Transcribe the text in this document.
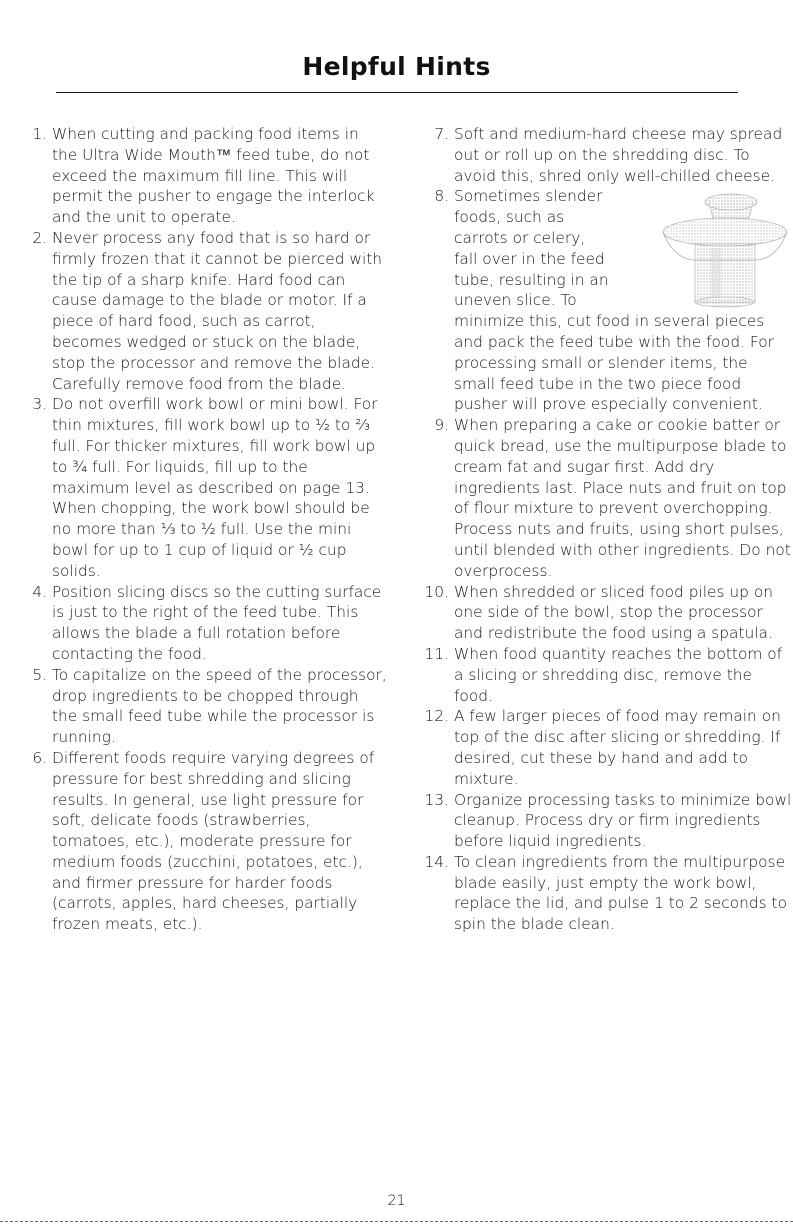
Helpful Hints
1. When cutting and packing food items in the Ultra Wide Mouth™ feed tube, do not exceed the maximum fill line. This will permit the pusher to engage the interlock and the unit to operate.
2. Never process any food that is so hard or firmly frozen that it cannot be pierced with the tip of a sharp knife. Hard food can cause damage to the blade or motor. If a piece of hard food, such as carrot, becomes wedged or stuck on the blade, stop the processor and remove the blade. Carefully remove food from the blade.
3. Do not overfill work bowl or mini bowl. For thin mixtures, fill work bowl up to ½ to ⅔ full. For thicker mixtures, fill work bowl up to ¾ full. For liquids, fill up to the maximum level as described on page 13. When chopping, the work bowl should be no more than ⅓ to ½ full. Use the mini bowl for up to 1 cup of liquid or ½ cup solids.
4. Position slicing discs so the cutting surface is just to the right of the feed tube. This allows the blade a full rotation before contacting the food.
5. To capitalize on the speed of the processor, drop ingredients to be chopped through the small feed tube while the processor is running.
6. Different foods require varying degrees of pressure for best shredding and slicing results. In general, use light pressure for soft, delicate foods (strawberries, tomatoes, etc.), moderate pressure for medium foods (zucchini, potatoes, etc.), and firmer pressure for harder foods (carrots, apples, hard cheeses, partially frozen meats, etc.).
7. Soft and medium-hard cheese may spread out or roll up on the shredding disc. To avoid this, shred only well-chilled cheese.
8. Sometimes slender foods, such as carrots or celery, fall over in the feed tube, resulting in an uneven slice. To minimize this, cut food in several pieces and pack the feed tube with the food. For processing small or slender items, the small feed tube in the two piece food pusher will prove especially convenient.
9. When preparing a cake or cookie batter or quick bread, use the multipurpose blade to cream fat and sugar first. Add dry ingredients last. Place nuts and fruit on top of flour mixture to prevent overchopping. Process nuts and fruits, using short pulses, until blended with other ingredients. Do not overprocess.
10. When shredded or sliced food piles up on one side of the bowl, stop the processor and redistribute the food using a spatula.
11. When food quantity reaches the bottom of a slicing or shredding disc, remove the food.
12. A few larger pieces of food may remain on top of the disc after slicing or shredding. If desired, cut these by hand and add to mixture.
13. Organize processing tasks to minimize bowl cleanup. Process dry or firm ingredients before liquid ingredients.
14. To clean ingredients from the multipurpose blade easily, just empty the work bowl, replace the lid, and pulse 1 to 2 seconds to spin the blade clean.
21
